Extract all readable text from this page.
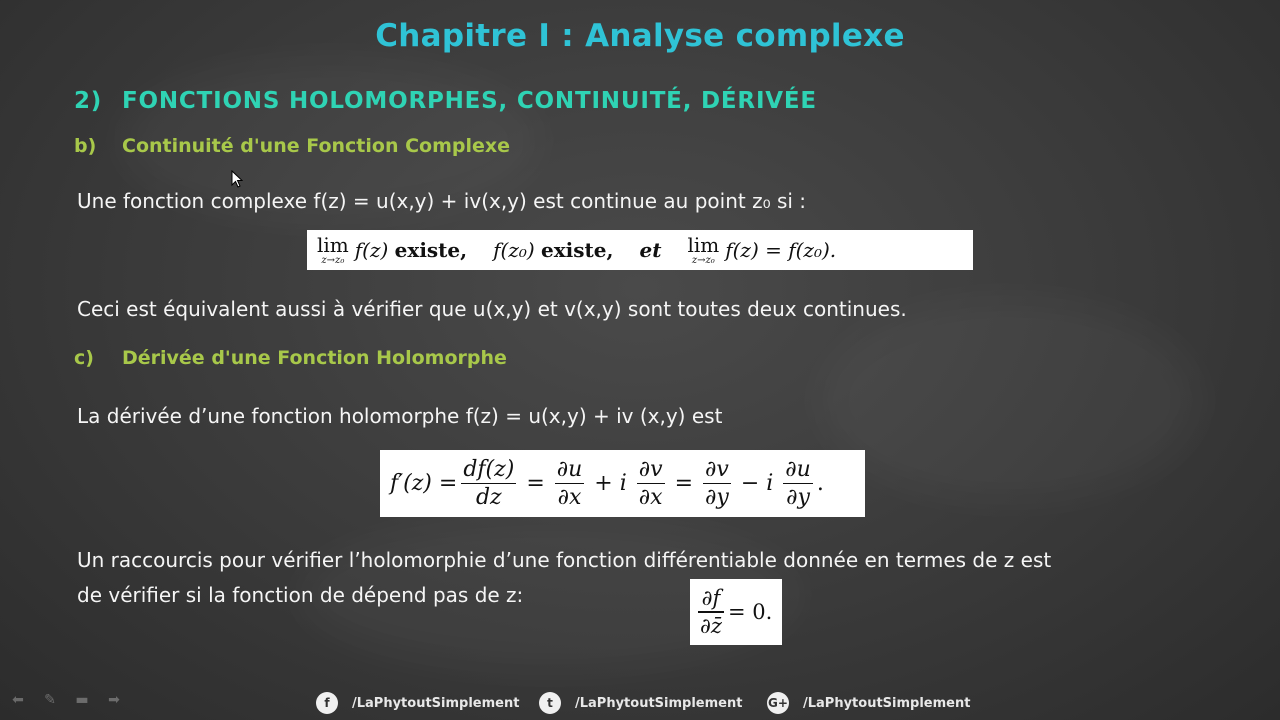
Chapitre I : Analyse complexe
2) FONCTIONS HOLOMORPHES, CONTINUITÉ, DÉRIVÉE
b) Continuité d'une Fonction Complexe
Une fonction complexe f(z) = u(x,y) + iv(x,y) est continue au point z₀ si :
lim
z→z₀ f(z)
existe, f(z₀)
existe, et lim
z→z₀ f(z) = f(z₀).
Ceci est équivalent aussi à vérifier que u(x,y) et v(x,y) sont toutes deux continues.
c) Dérivée d'une Fonction Holomorphe
La dérivée d’une fonction holomorphe f(z) = u(x,y) + iv (x,y) est
$f'(z) = \frac{df(z)}{dz} = \frac{\partial u}{\partial x} + i \frac{\partial v}{\partial x} = \frac{\partial v}{\partial y} - i \frac{\partial u}{\partial y}$ .
Un raccourcis pour vérifier l’holomorphie d’une fonction différentiable donnée en termes de z est
de vérifier si la fonction de dépend pas de z:	$\frac{\partial f}{\partial z̄} = 0$.
⬅ ✎ ▬ ➡	f	/LaPhytoutSimplement	t	/LaPhytoutSimplement G+ /LaPhytoutSimplement
